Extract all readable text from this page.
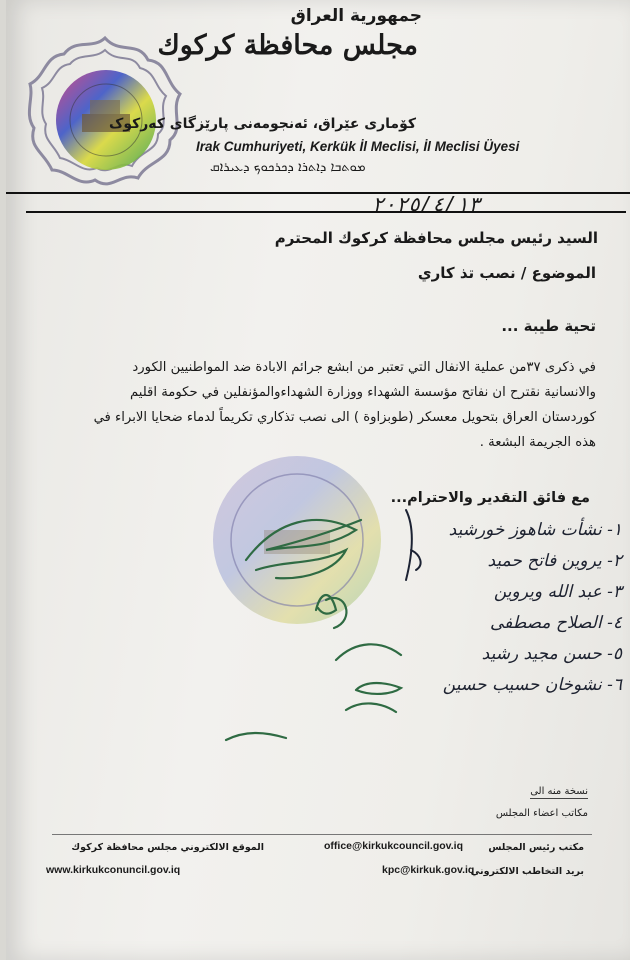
جمهورية العراق
مجلس محافظة كركوك
کۆماری عێراق، ئەنجومەنی پارێزگای کەرکوک
Irak Cumhuriyeti, Kerkük İl Meclisi, İl Meclisi Üyesi
ܡܘܬܒܐ ܕܐܬܪܐ ܕܟܪܟܘܟ ܕܥܝܪܐܩ
٢٠٢٥/٤/١٣
السيد رئيس مجلس محافظة كركوك المحترم
الموضوع / نصب تذ كاري
تحية طيبة ...
في ذكرى ٣٧من عملية الانفال التي تعتبر من ابشع جرائم الابادة ضد المواطنيين الكورد
والانسانية نقترح ان نفاتح مؤسسة الشهداء ووزارة الشهداءوالمؤنفلين في حكومة اقليم
كوردستان العراق بتحويل معسكر (طوبزاوة ) الى نصب تذكاري تكريماً لدماء ضحايا الابراء في
هذه الجريمة البشعة .
مع فائق التقدير والاحترام...
١- نشأت شاهوز خورشيد
٢- يروين فاتح حميد
٣- عبد الله ويروين
٤- الصلاح مصطفى
٥- حسن مجيد رشيد
٦- نشوخان حسيب حسين
نسخة منه الى
مكاتب اعضاء المجلس
مكتب رئيس المجلس
office@kirkukcouncil.gov.iq
بريد التخاطب الالكتروني
kpc@kirkuk.gov.iq
الموقع الالكتروني مجلس محافظة كركوك
www.kirkukconuncil.gov.iq
